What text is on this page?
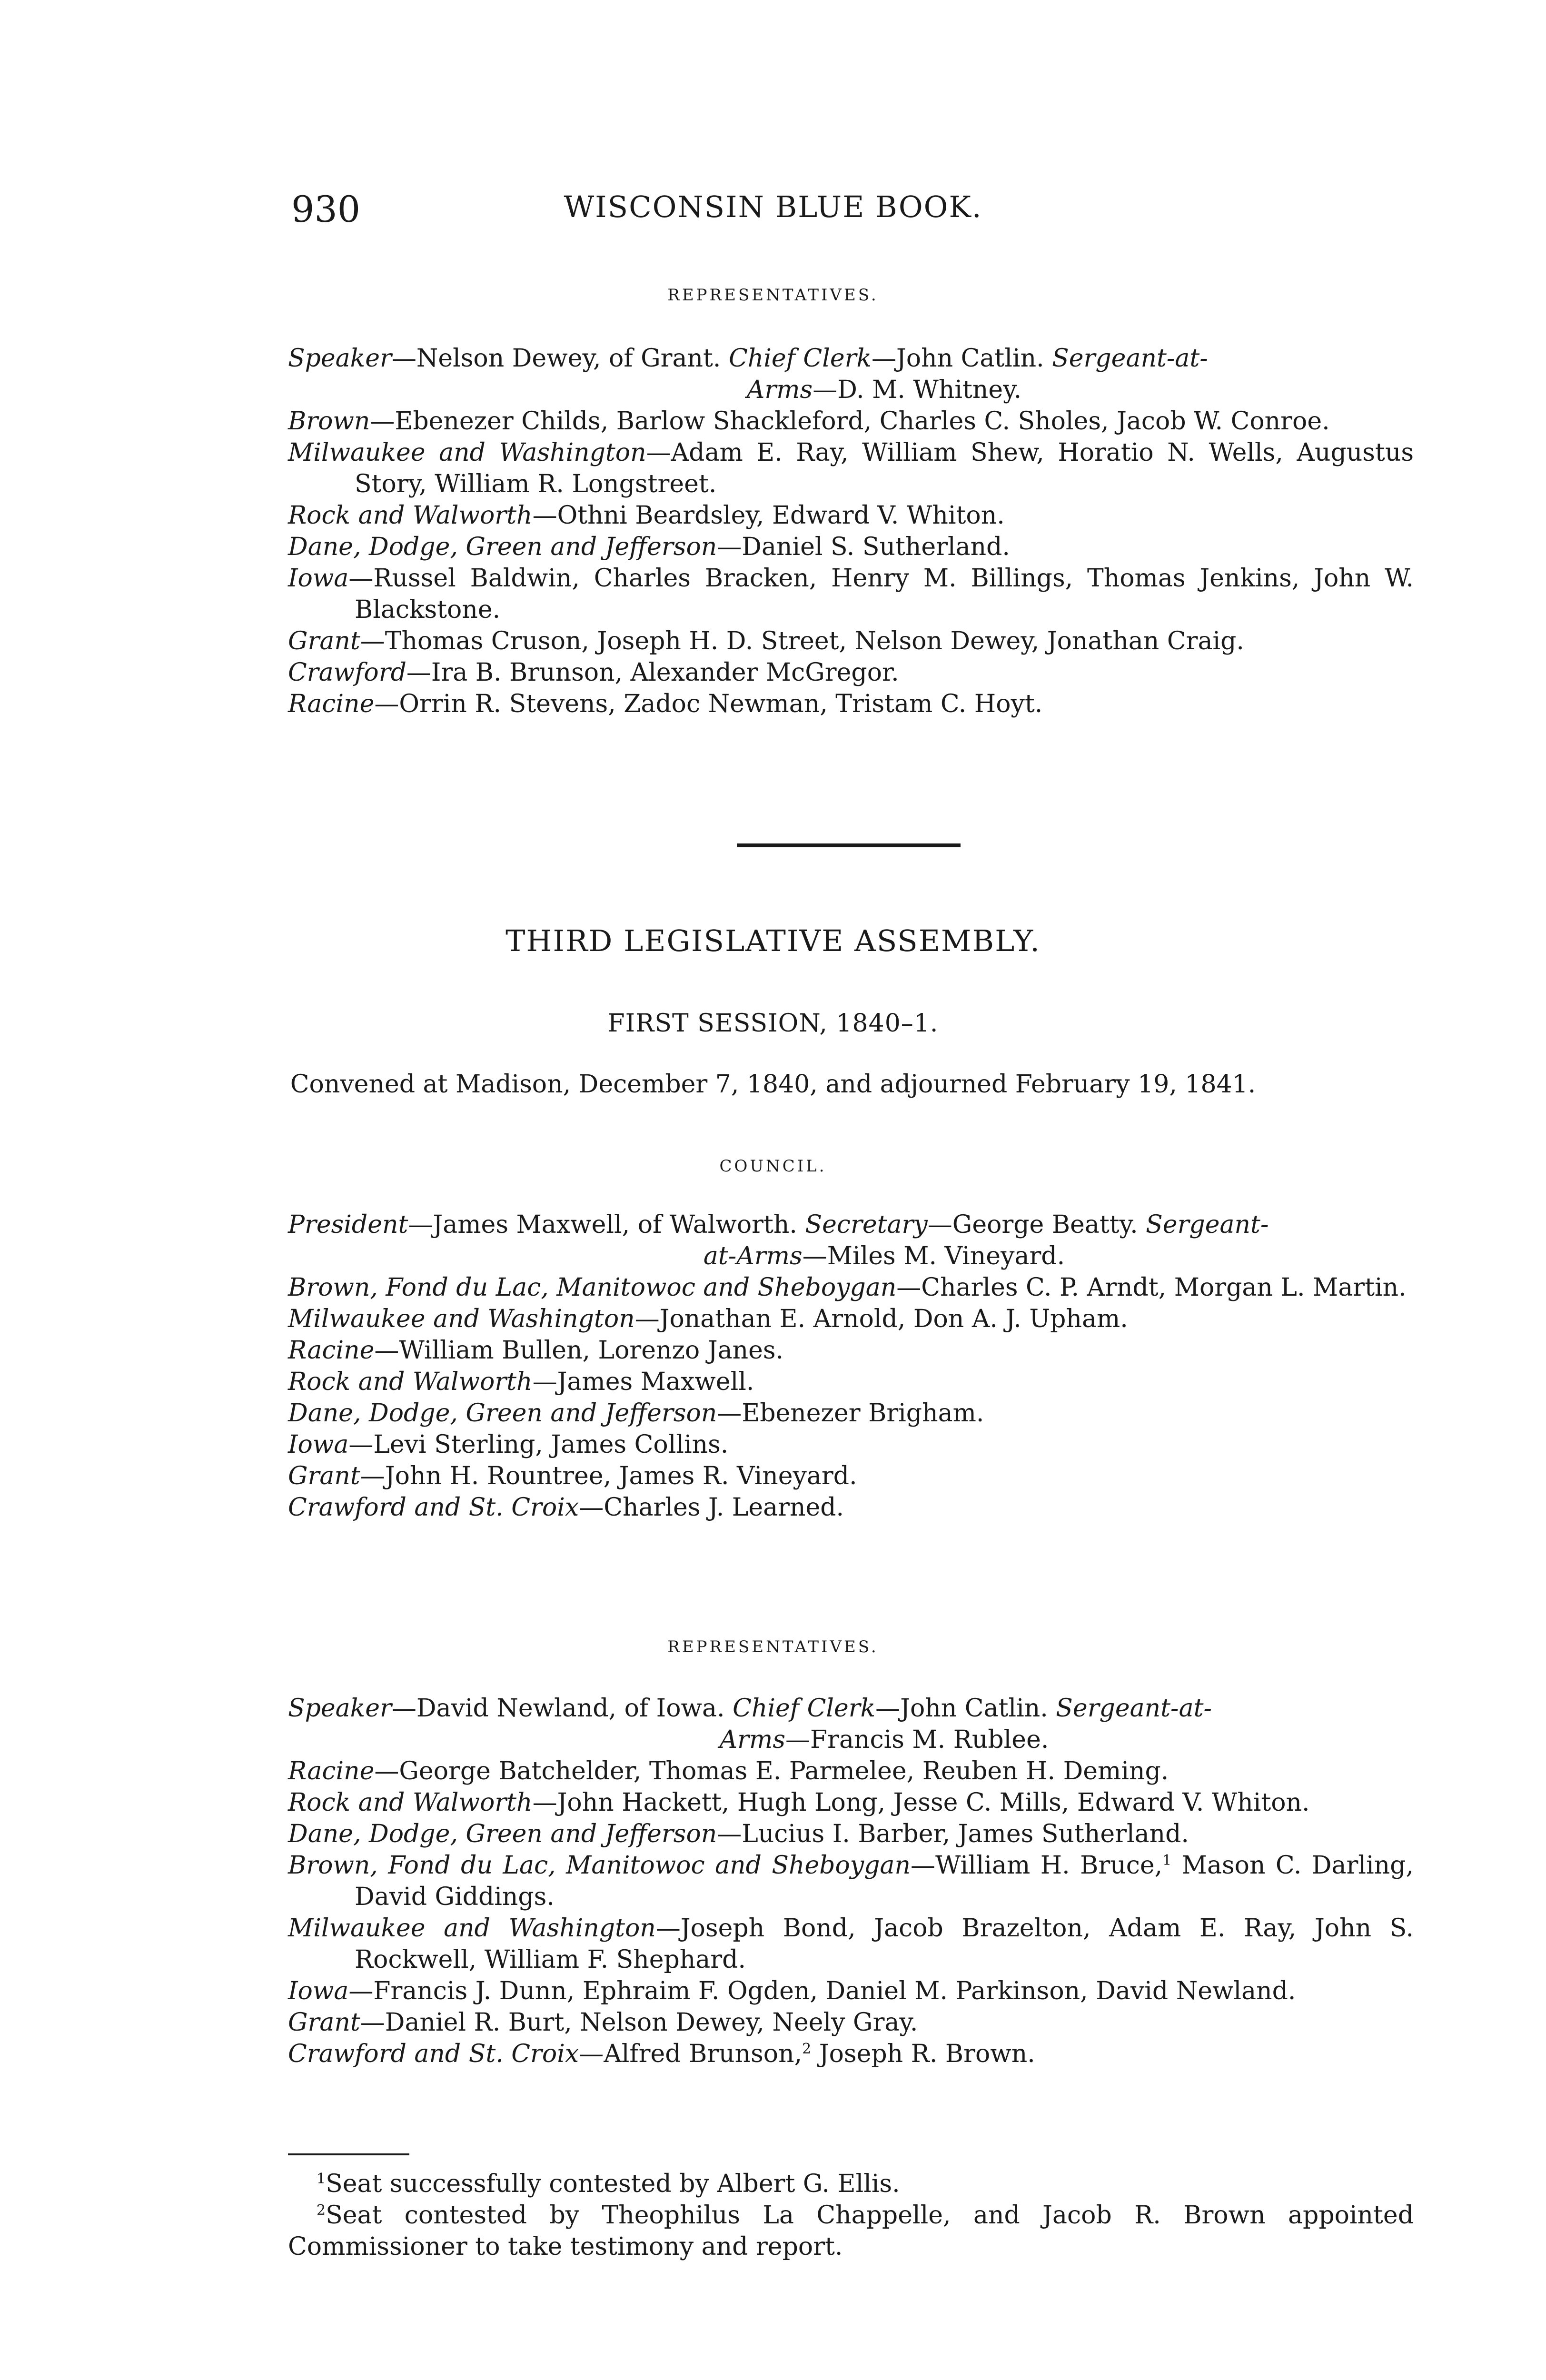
930	WISCONSIN BLUE BOOK.
REPRESENTATIVES.
Speaker—Nelson Dewey, of Grant. Chief Clerk—John Catlin. Sergeant-at-
Arms—D. M. Whitney.
Brown—Ebenezer Childs, Barlow Shackleford, Charles C. Sholes, Jacob W. Conroe.
Milwaukee and Washington—Adam E. Ray, William Shew, Horatio N. Wells, Augustus Story, William R. Longstreet.
Rock and Walworth—Othni Beardsley, Edward V. Whiton.
Dane, Dodge, Green and Jefferson—Daniel S. Sutherland.
Iowa—Russel Baldwin, Charles Bracken, Henry M. Billings, Thomas Jenkins, John W. Blackstone.
Grant—Thomas Cruson, Joseph H. D. Street, Nelson Dewey, Jonathan Craig.
Crawford—Ira B. Brunson, Alexander McGregor.
Racine—Orrin R. Stevens, Zadoc Newman, Tristam C. Hoyt.
THIRD LEGISLATIVE ASSEMBLY.
FIRST SESSION, 1840–1.
Convened at Madison, December 7, 1840, and adjourned February 19, 1841.
COUNCIL.
President—James Maxwell, of Walworth. Secretary—George Beatty. Sergeant-
at-Arms—Miles M. Vineyard.
Brown, Fond du Lac, Manitowoc and Sheboygan—Charles C. P. Arndt, Morgan L. Martin.
Milwaukee and Washington—Jonathan E. Arnold, Don A. J. Upham.
Racine—William Bullen, Lorenzo Janes.
Rock and Walworth—James Maxwell.
Dane, Dodge, Green and Jefferson—Ebenezer Brigham.
Iowa—Levi Sterling, James Collins.
Grant—John H. Rountree, James R. Vineyard.
Crawford and St. Croix—Charles J. Learned.
REPRESENTATIVES.
Speaker—David Newland, of Iowa. Chief Clerk—John Catlin. Sergeant-at-
Arms—Francis M. Rublee.
Racine—George Batchelder, Thomas E. Parmelee, Reuben H. Deming.
Rock and Walworth—John Hackett, Hugh Long, Jesse C. Mills, Edward V. Whiton.
Dane, Dodge, Green and Jefferson—Lucius I. Barber, James Sutherland.
Brown, Fond du Lac, Manitowoc and Sheboygan—William H. Bruce,$^1$ Mason C. Darling, David Giddings.
Milwaukee and Washington—Joseph Bond, Jacob Brazelton, Adam E. Ray, John S. Rockwell, William F. Shephard.
Iowa—Francis J. Dunn, Ephraim F. Ogden, Daniel M. Parkinson, David Newland.
Grant—Daniel R. Burt, Nelson Dewey, Neely Gray.
Crawford and St. Croix—Alfred Brunson,$^2$ Joseph R. Brown.
$^1$Seat successfully contested by Albert G. Ellis.
$^2$Seat contested by Theophilus La Chappelle, and Jacob R. Brown appointed Commissioner to take testimony and report.
